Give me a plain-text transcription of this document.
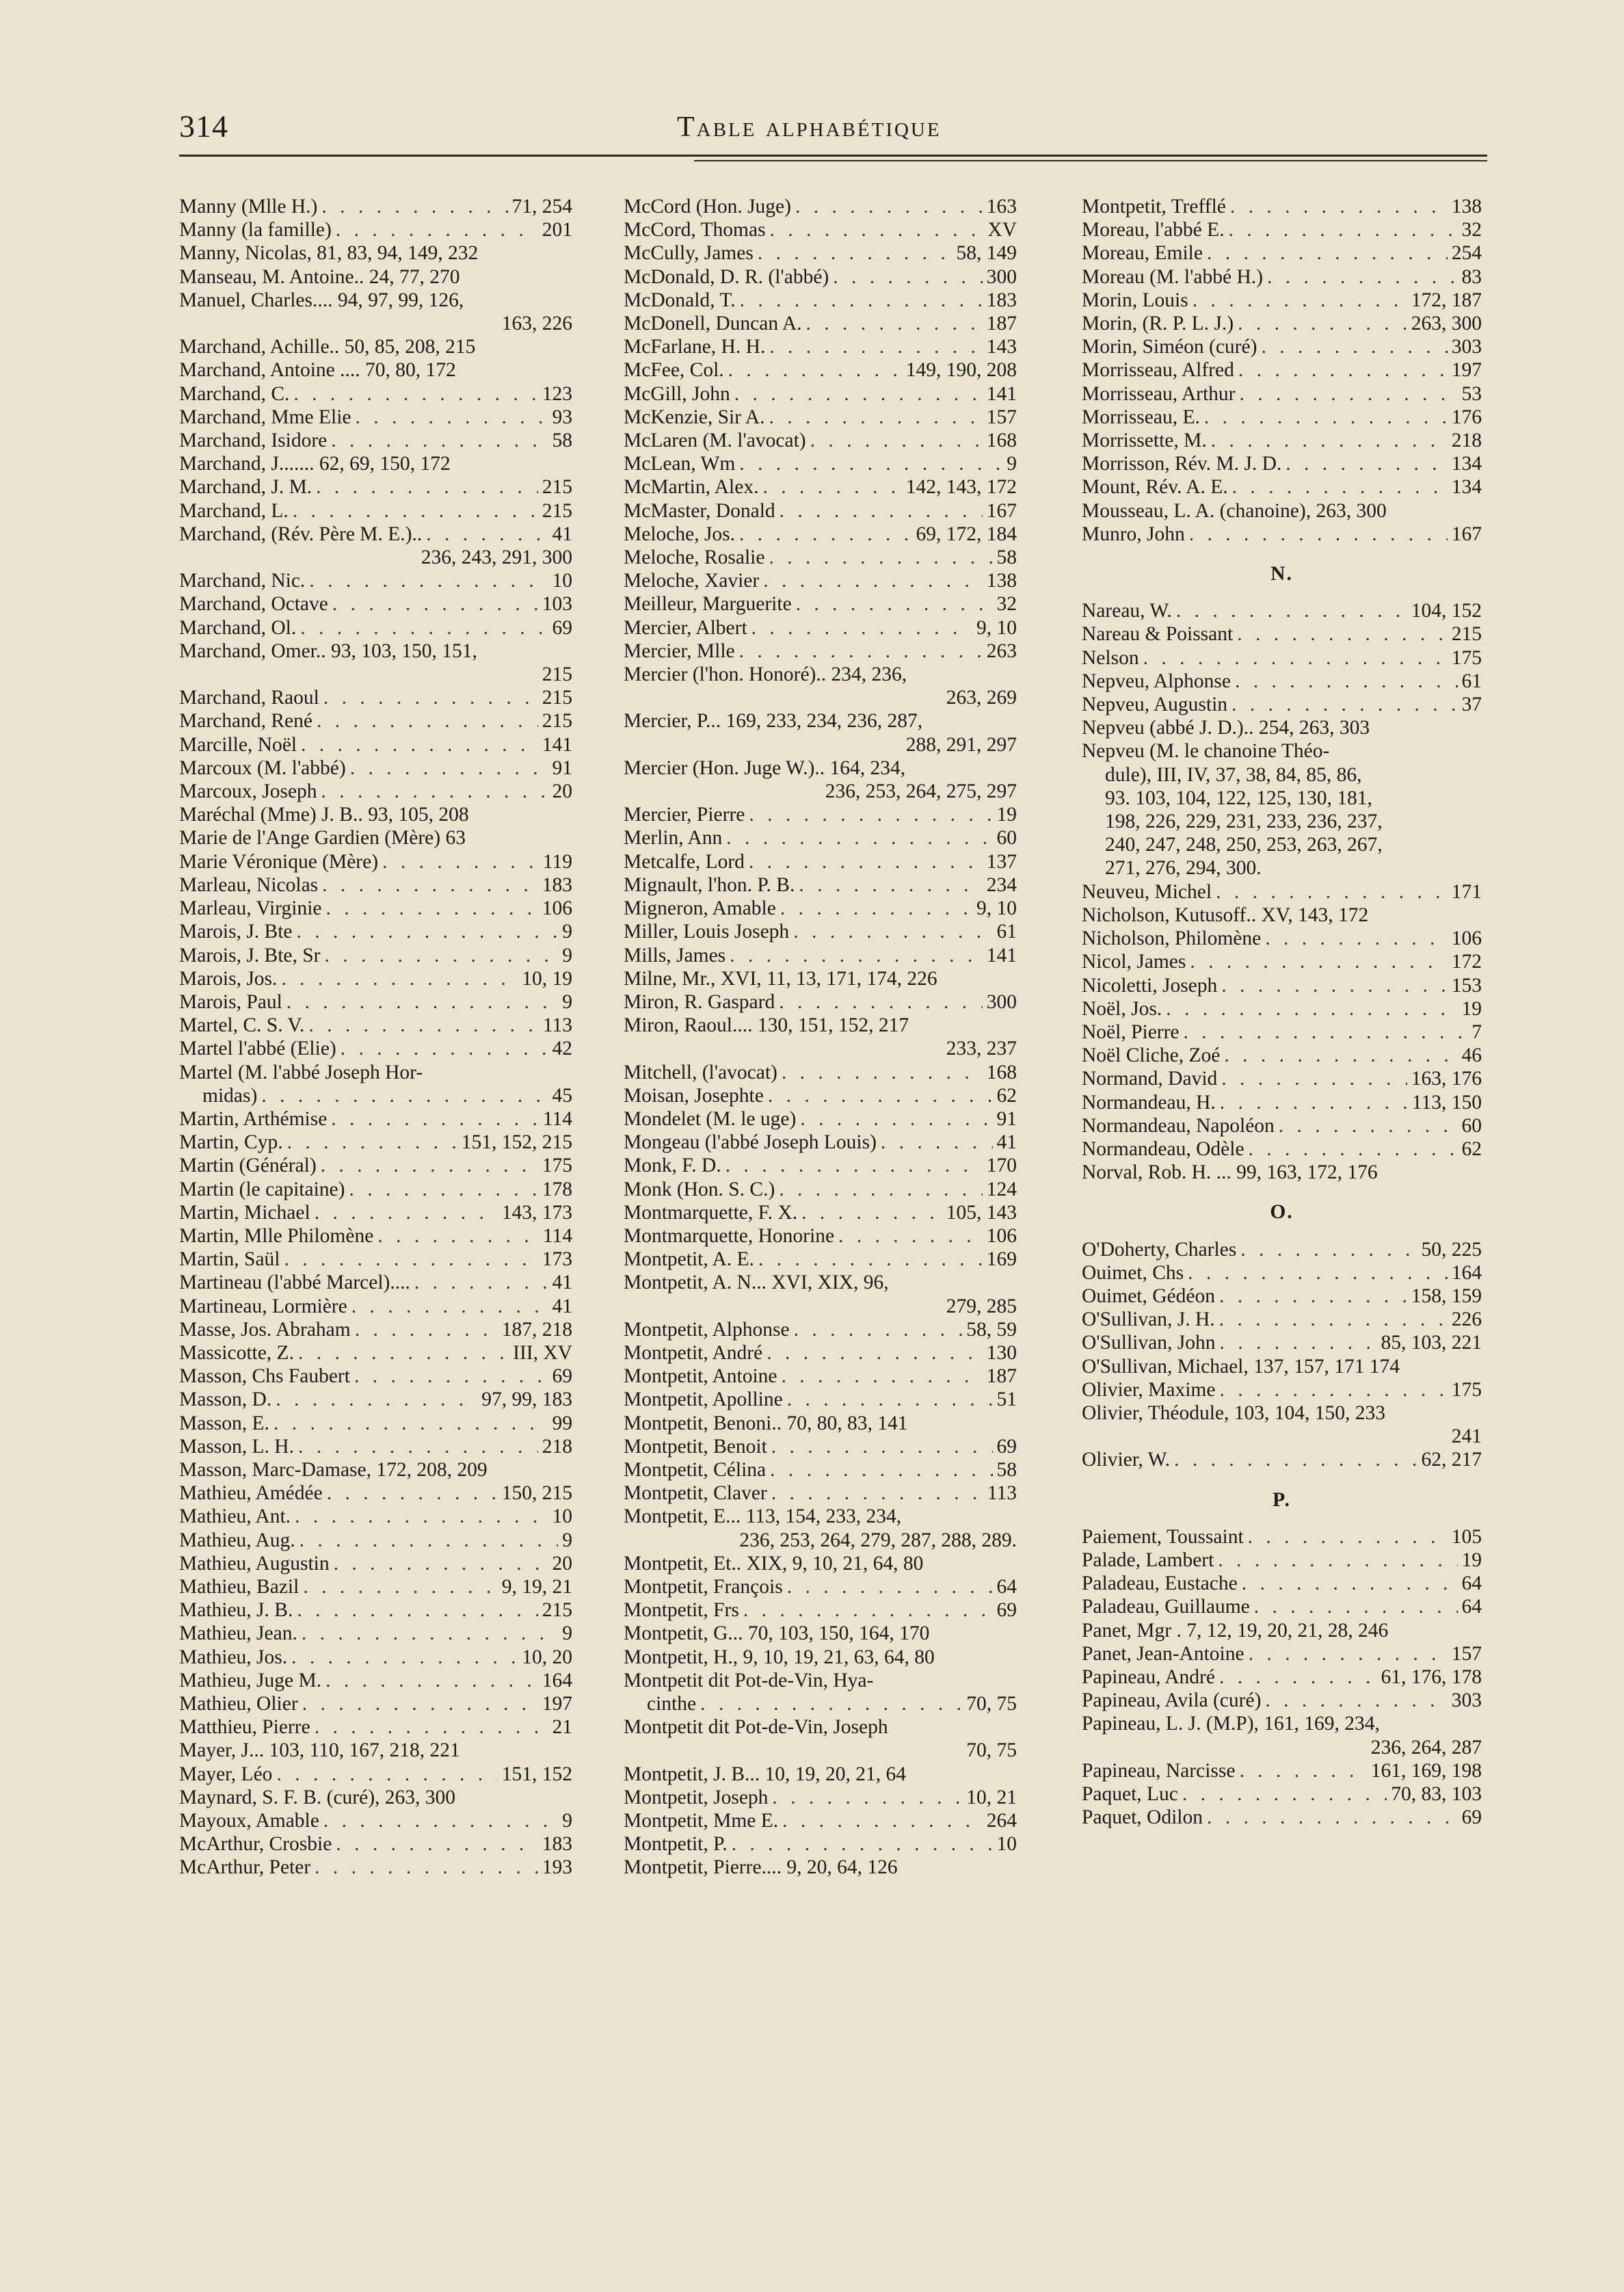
314	Table alphabétique
Manny (Mlle H.) . . .	71, 254
Manny (la famille) . . .	201
Manny, Nicolas, 81, 83, 94, 149, 232
Manseau, M. Antoine.. 24, 77, 270
Manuel, Charles.... 94, 97, 99, 126,
163, 226
Marchand, Achille.. 50, 85, 208, 215
Marchand, Antoine .... 70, 80, 172
Marchand, C. . . .	123
Marchand, Mme Elie . . .	93
Marchand, Isidore . . .	58
Marchand, J....... 62, 69, 150, 172
Marchand, J. M. . . .	215
Marchand, L. . . .	215
Marchand, (Rév. Père M. E.).. . . .	41
236, 243, 291, 300
Marchand, Nic. . . .	10
Marchand, Octave . . .	103
Marchand, Ol. . . .	69
Marchand, Omer.. 93, 103, 150, 151,
215
Marchand, Raoul . . .	215
Marchand, René . . .	215
Marcille, Noël . . .	141
Marcoux (M. l'abbé) . . .	91
Marcoux, Joseph . . .	20
Maréchal (Mme) J. B.. 93, 105, 208
Marie de l'Ange Gardien (Mère) 63
Marie Véronique (Mère) . . .	119
Marleau, Nicolas . . .	183
Marleau, Virginie . . .	106
Marois, J. Bte . . .	9
Marois, J. Bte, Sr . . .	9
Marois, Jos. . . .	10, 19
Marois, Paul . . .	9
Martel, C. S. V. . . .	113
Martel l'abbé (Elie) . . .	42
Martel (M. l'abbé Joseph Hor-
midas) . . .	45
Martin, Arthémise . . .	114
Martin, Cyp. . . .	151, 152, 215
Martin (Général) . . .	175
Martin (le capitaine) . . .	178
Martin, Michael . . .	143, 173
Martin, Mlle Philomène . . .	114
Martin, Saül . . .	173
Martineau (l'abbé Marcel).... . . .	41
Martineau, Lormière . . .	41
Masse, Jos. Abraham . . .	187, 218
Massicotte, Z. . . .	III, XV
Masson, Chs Faubert . . .	69
Masson, D. . . .	97, 99, 183
Masson, E. . . .	99
Masson, L. H. . . .	218
Masson, Marc-Damase, 172, 208, 209
Mathieu, Amédée . . .	150, 215
Mathieu, Ant. . . .	10
Mathieu, Aug. . . .	9
Mathieu, Augustin . . .	20
Mathieu, Bazil . . .	9, 19, 21
Mathieu, J. B. . . .	215
Mathieu, Jean. . . .	9
Mathieu, Jos. . . .	10, 20
Mathieu, Juge M. . . .	164
Mathieu, Olier . . .	197
Matthieu, Pierre . . .	21
Mayer, J... 103, 110, 167, 218, 221
Mayer, Léo . . .	151, 152
Maynard, S. F. B. (curé), 263, 300
Mayoux, Amable . . .	9
McArthur, Crosbie . . .	183
McArthur, Peter . . .	193
McCord (Hon. Juge) . . .	163
McCord, Thomas . . .	XV
McCully, James . . .	58, 149
McDonald, D. R. (l'abbé) . . .	300
McDonald, T. . . .	183
McDonell, Duncan A. . . .	187
McFarlane, H. H. . . .	143
McFee, Col. . . .	149, 190, 208
McGill, John . . .	141
McKenzie, Sir A. . . .	157
McLaren (M. l'avocat) . . .	168
McLean, Wm . . .	9
McMartin, Alex. . . .	142, 143, 172
McMaster, Donald . . .	167
Meloche, Jos. . . .	69, 172, 184
Meloche, Rosalie . . .	58
Meloche, Xavier . . .	138
Meilleur, Marguerite . . .	32
Mercier, Albert . . .	9, 10
Mercier, Mlle . . .	263
Mercier (l'hon. Honoré).. 234, 236,
263, 269
Mercier, P... 169, 233, 234, 236, 287,
288, 291, 297
Mercier (Hon. Juge W.).. 164, 234,
236, 253, 264, 275, 297
Mercier, Pierre . . .	19
Merlin, Ann . . .	60
Metcalfe, Lord . . .	137
Mignault, l'hon. P. B. . . .	234
Migneron, Amable . . .	9, 10
Miller, Louis Joseph . . .	61
Mills, James . . .	141
Milne, Mr., XVI, 11, 13, 171, 174, 226
Miron, R. Gaspard . . .	300
Miron, Raoul.... 130, 151, 152, 217
233, 237
Mitchell, (l'avocat) . . .	168
Moisan, Josephte . . .	62
Mondelet (M. le uge) . . .	91
Mongeau (l'abbé Joseph Louis) . . .	41
Monk, F. D. . . .	170
Monk (Hon. S. C.) . . .	124
Montmarquette, F. X. . . .	105, 143
Montmarquette, Honorine . . .	106
Montpetit, A. E. . . .	169
Montpetit, A. N... XVI, XIX, 96,
279, 285
Montpetit, Alphonse . . .	58, 59
Montpetit, André . . .	130
Montpetit, Antoine . . .	187
Montpetit, Apolline . . .	51
Montpetit, Benoni.. 70, 80, 83, 141
Montpetit, Benoit . . .	69
Montpetit, Célina . . .	58
Montpetit, Claver . . .	113
Montpetit, E... 113, 154, 233, 234,
236, 253, 264, 279, 287, 288, 289.
Montpetit, Et.. XIX, 9, 10, 21, 64, 80
Montpetit, François . . .	64
Montpetit, Frs . . .	69
Montpetit, G... 70, 103, 150, 164, 170
Montpetit, H., 9, 10, 19, 21, 63, 64, 80
Montpetit dit Pot-de-Vin, Hya-
cinthe . . .	70, 75
Montpetit dit Pot-de-Vin, Joseph
70, 75
Montpetit, J. B... 10, 19, 20, 21, 64
Montpetit, Joseph . . .	10, 21
Montpetit, Mme E. . . .	264
Montpetit, P. . . .	10
Montpetit, Pierre.... 9, 20, 64, 126
Montpetit, Trefflé . . .	138
Moreau, l'abbé E. . . .	32
Moreau, Emile . . .	254
Moreau (M. l'abbé H.) . . .	83
Morin, Louis . . .	172, 187
Morin, (R. P. L. J.) . . .	263, 300
Morin, Siméon (curé) . . .	303
Morrisseau, Alfred . . .	197
Morrisseau, Arthur . . .	53
Morrisseau, E. . . .	176
Morrissette, M. . . .	218
Morrisson, Rév. M. J. D. . . .	134
Mount, Rév. A. E. . . .	134
Mousseau, L. A. (chanoine), 263, 300
Munro, John . . .	167
N.
Nareau, W. . . .	104, 152
Nareau & Poissant . . .	215
Nelson . . .	175
Nepveu, Alphonse . . .	61
Nepveu, Augustin . . .	37
Nepveu (abbé J. D.).. 254, 263, 303
Nepveu (M. le chanoine Théo-
dule), III, IV, 37, 38, 84, 85, 86,
93. 103, 104, 122, 125, 130, 181,
198, 226, 229, 231, 233, 236, 237,
240, 247, 248, 250, 253, 263, 267,
271, 276, 294, 300.
Neuveu, Michel . . .	171
Nicholson, Kutusoff.. XV, 143, 172
Nicholson, Philomène . . .	106
Nicol, James . . .	172
Nicoletti, Joseph . . .	153
Noël, Jos. . . .	19
Noël, Pierre . . .	7
Noël Cliche, Zoé . . .	46
Normand, David . . .	163, 176
Normandeau, H. . . .	113, 150
Normandeau, Napoléon . . .	60
Normandeau, Odèle . . .	62
Norval, Rob. H. ... 99, 163, 172, 176
O.
O'Doherty, Charles . . .	50, 225
Ouimet, Chs . . .	164
Ouimet, Gédéon . . .	158, 159
O'Sullivan, J. H. . . .	226
O'Sullivan, John . . .	85, 103, 221
O'Sullivan, Michael, 137, 157, 171 174
Olivier, Maxime . . .	175
Olivier, Théodule, 103, 104, 150, 233
241
Olivier, W. . . .	62, 217
P.
Paiement, Toussaint . . .	105
Palade, Lambert . . .	19
Paladeau, Eustache . . .	64
Paladeau, Guillaume . . .	64
Panet, Mgr . 7, 12, 19, 20, 21, 28, 246
Panet, Jean-Antoine . . .	157
Papineau, André . . .	61, 176, 178
Papineau, Avila (curé) . . .	303
Papineau, L. J. (M.P), 161, 169, 234,
236, 264, 287
Papineau, Narcisse . . .	161, 169, 198
Paquet, Luc . . .	70, 83, 103
Paquet, Odilon . . .	69
